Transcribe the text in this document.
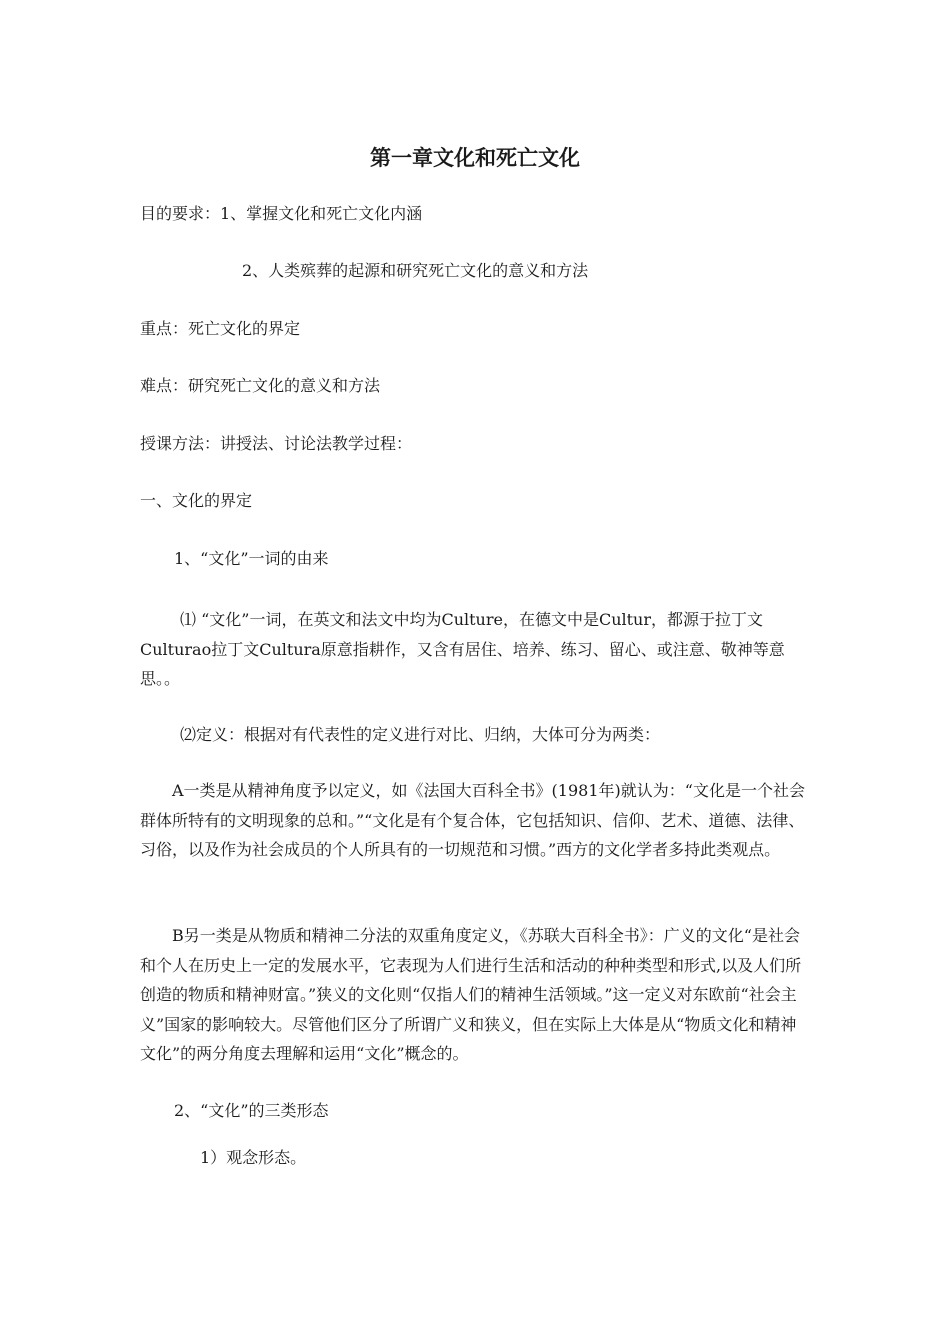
第一章文化和死亡文化
目的要求：1、掌握文化和死亡文化内涵
2、人类殡葬的起源和研究死亡文化的意义和方法
重点：死亡文化的界定
难点：研究死亡文化的意义和方法
授课方法：讲授法、讨论法教学过程：
一、文化的界定
1、“文化”一词的由来
⑴ “文化”一词，在英文和法文中均为Culture，在德文中是Cultur，都源于拉丁文Culturao拉丁文Cultura原意指耕作，又含有居住、培养、练习、留心、或注意、敬神等意思。。
⑵定义：根据对有代表性的定义进行对比、归纳，大体可分为两类：
A一类是从精神角度予以定义，如《法国大百科全书》(1981年)就认为：“文化是一个社会群体所特有的文明现象的总和。”“文化是有个复合体，它包括知识、信仰、艺术、道德、法律、习俗，以及作为社会成员的个人所具有的一切规范和习惯。”西方的文化学者多持此类观点。
B另一类是从物质和精神二分法的双重角度定义，《苏联大百科全书》：广义的文化“是社会和个人在历史上一定的发展水平，它表现为人们进行生活和活动的种种类型和形式,以及人们所创造的物质和精神财富。”狭义的文化则“仅指人们的精神生活领域。”这一定义对东欧前“社会主义”国家的影响较大。尽管他们区分了所谓广义和狭义，但在实际上大体是从“物质文化和精神文化”的两分角度去理解和运用“文化”概念的。
2、“文化”的三类形态
1）观念形态。
